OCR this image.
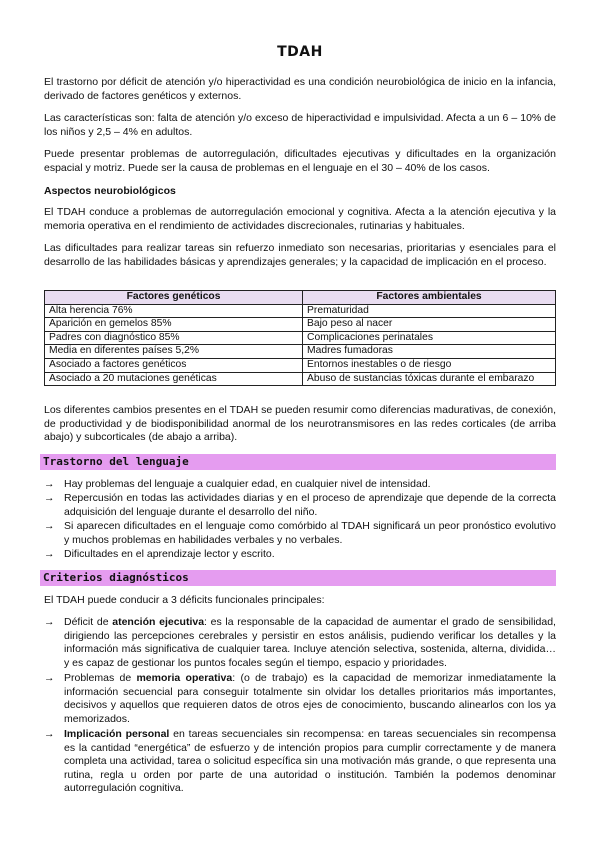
TDAH
El trastorno por déficit de atención y/o hiperactividad es una condición neurobiológica de inicio en la infancia, derivado de factores genéticos y externos.
Las características son: falta de atención y/o exceso de hiperactividad e impulsividad. Afecta a un 6 – 10% de los niños y 2,5 – 4% en adultos.
Puede presentar problemas de autorregulación, dificultades ejecutivas y dificultades en la organización espacial y motriz. Puede ser la causa de problemas en el lenguaje en el 30 – 40% de los casos.
Aspectos neurobiológicos
El TDAH conduce a problemas de autorregulación emocional y cognitiva. Afecta a la atención ejecutiva y la memoria operativa en el rendimiento de actividades discrecionales, rutinarias y habituales.
Las dificultades para realizar tareas sin refuerzo inmediato son necesarias, prioritarias y esenciales para el desarrollo de las habilidades básicas y aprendizajes generales; y la capacidad de implicación en el proceso.
Factores genéticos	Factores ambientales
Alta herencia 76%	Prematuridad
Aparición en gemelos 85%	Bajo peso al nacer
Padres con diagnóstico 85%	Complicaciones perinatales
Media en diferentes países 5,2%	Madres fumadoras
Asociado a factores genéticos	Entornos inestables o de riesgo
Asociado a 20 mutaciones genéticas	Abuso de sustancias tóxicas durante el embarazo
Los diferentes cambios presentes en el TDAH se pueden resumir como diferencias madurativas, de conexión, de productividad y de biodisponibilidad anormal de los neurotransmisores en las redes corticales (de arriba abajo) y subcorticales (de abajo a arriba).
Trastorno del lenguaje
→ Hay problemas del lenguaje a cualquier edad, en cualquier nivel de intensidad.
→ Repercusión en todas las actividades diarias y en el proceso de aprendizaje que depende de la correcta adquisición del lenguaje durante el desarrollo del niño.
→ Si aparecen dificultades en el lenguaje como comórbido al TDAH significará un peor pronóstico evolutivo y muchos problemas en habilidades verbales y no verbales.
→ Dificultades en el aprendizaje lector y escrito.
Criterios diagnósticos
El TDAH puede conducir a 3 déficits funcionales principales:
→ Déficit de atención ejecutiva: es la responsable de la capacidad de aumentar el grado de sensibilidad, dirigiendo las percepciones cerebrales y persistir en estos análisis, pudiendo verificar los detalles y la información más significativa de cualquier tarea. Incluye atención selectiva, sostenida, alterna, dividida… y es capaz de gestionar los puntos focales según el tiempo, espacio y prioridades.
→ Problemas de memoria operativa: (o de trabajo) es la capacidad de memorizar inmediatamente la información secuencial para conseguir totalmente sin olvidar los detalles prioritarios más importantes, decisivos y aquellos que requieren datos de otros ejes de conocimiento, buscando alinearlos con los ya memorizados.
→ Implicación personal en tareas secuenciales sin recompensa: en tareas secuenciales sin recompensa es la cantidad “energética” de esfuerzo y de intención propios para cumplir correctamente y de manera completa una actividad, tarea o solicitud específica sin una motivación más grande, o que representa una rutina, regla u orden por parte de una autoridad o institución. También la podemos denominar autorregulación cognitiva.
